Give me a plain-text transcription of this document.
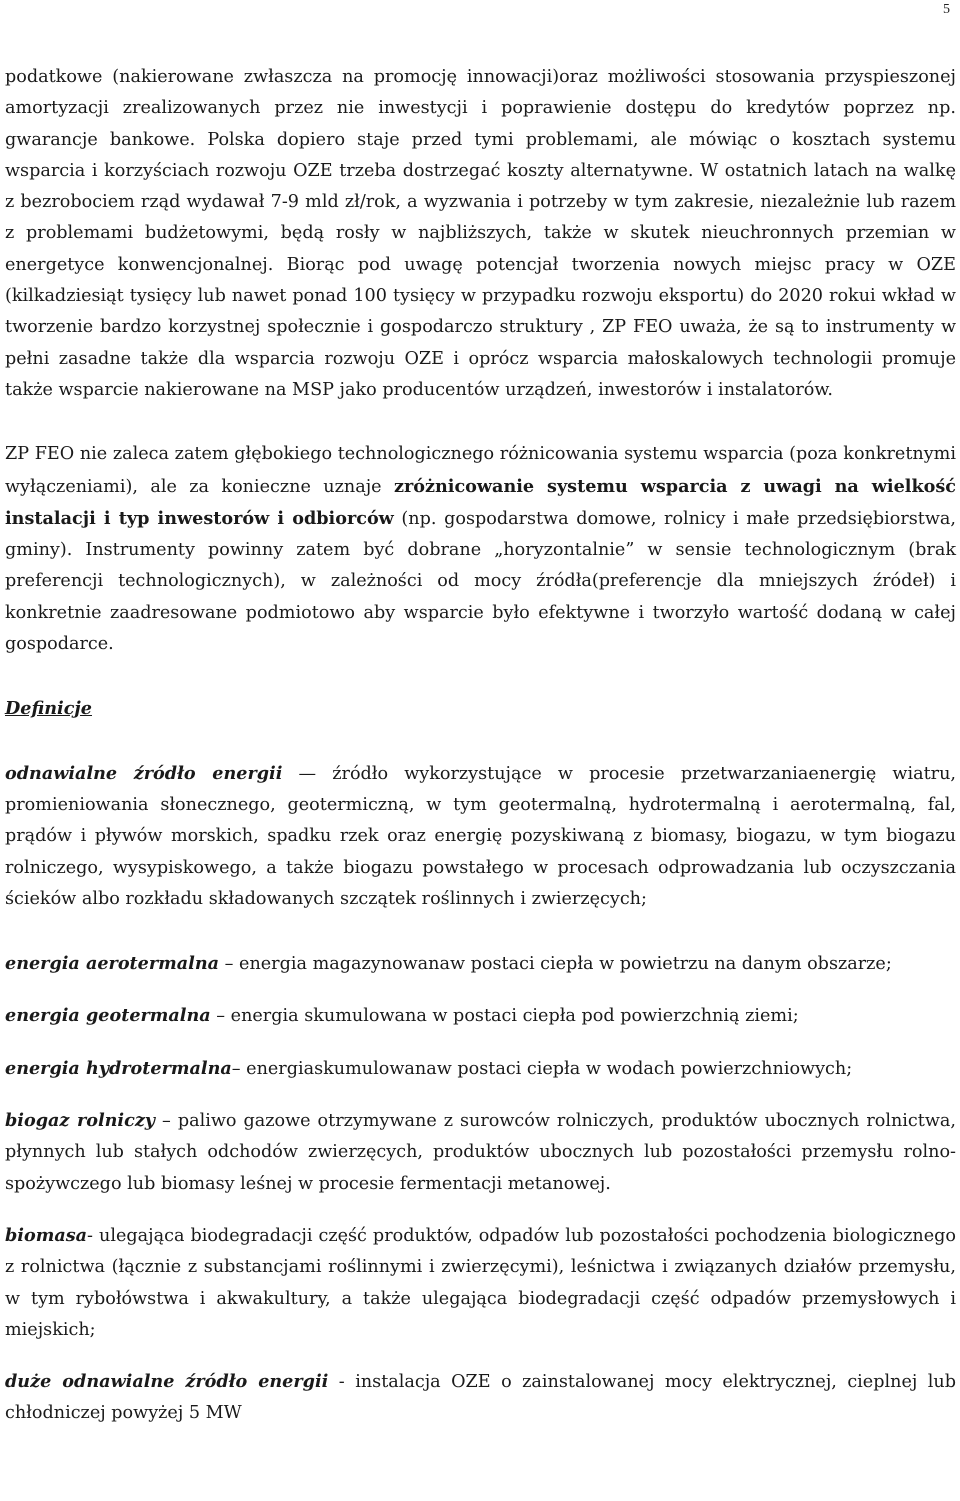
5

podatkowe (nakierowane zwłaszcza na promocję innowacji)oraz możliwości stosowania przyspieszonej amortyzacji zrealizowanych przez nie inwestycji i poprawienie dostępu do kredytów poprzez np. gwarancje bankowe. Polska dopiero staje przed tymi problemami, ale mówiąc o kosztach systemu wsparcia i korzyściach rozwoju OZE trzeba dostrzegać koszty alternatywne. W ostatnich latach na walkę z bezrobociem rząd wydawał 7-9 mld zł/rok, a wyzwania i potrzeby w tym zakresie, niezależnie lub razem z problemami budżetowymi, będą rosły w najbliższych, także w skutek nieuchronnych przemian w energetyce konwencjonalnej. Biorąc pod uwagę potencjał tworzenia nowych miejsc pracy w OZE (kilkadziesiąt tysięcy lub nawet ponad 100 tysięcy w przypadku rozwoju eksportu) do 2020 rokui wkład w tworzenie bardzo korzystnej społecznie i gospodarczo struktury , ZP FEO uważa, że są to instrumenty w pełni zasadne także dla wsparcia rozwoju OZE i oprócz wsparcia małoskalowych technologii promuje także wsparcie nakierowane na MSP jako producentów urządzeń, inwestorów i instalatorów.

ZP FEO nie zaleca zatem głębokiego technologicznego różnicowania systemu wsparcia (poza konkretnymi wyłączeniami), ale za konieczne uznaje zróżnicowanie systemu wsparcia z uwagi na wielkość instalacji i typ inwestorów i odbiorców (np. gospodarstwa domowe, rolnicy i małe przedsiębiorstwa, gminy). Instrumenty powinny zatem być dobrane „horyzontalnie” w sensie technologicznym (brak preferencji technologicznych), w zależności od mocy źródła(preferencje dla mniejszych źródeł) i konkretnie zaadresowane podmiotowo aby wsparcie było efektywne i tworzyło wartość dodaną w całej gospodarce.

Definicje

odnawialne źródło energii — źródło wykorzystujące w procesie przetwarzaniaenergię wiatru, promieniowania słonecznego, geotermiczną, w tym geotermalną, hydrotermalną i aerotermalną, fal, prądów i pływów morskich, spadku rzek oraz energię pozyskiwaną z biomasy, biogazu, w tym biogazu rolniczego, wysypiskowego, a także biogazu powstałego w procesach odprowadzania lub oczyszczania ścieków albo rozkładu składowanych szczątek roślinnych i zwierzęcych;

energia aerotermalna – energia magazynowanaw postaci ciepła w powietrzu na danym obszarze;

energia geotermalna – energia skumulowana w postaci ciepła pod powierzchnią ziemi;

energia hydrotermalna– energiaskumulowanaw postaci ciepła w wodach powierzchniowych;

biogaz rolniczy – paliwo gazowe otrzymywane z surowców rolniczych, produktów ubocznych rolnictwa, płynnych lub stałych odchodów zwierzęcych, produktów ubocznych lub pozostałości przemysłu rolno-spożywczego lub biomasy leśnej w procesie fermentacji metanowej.

biomasa- ulegająca biodegradacji część produktów, odpadów lub pozostałości pochodzenia biologicznego z rolnictwa (łącznie z substancjami roślinnymi i zwierzęcymi), leśnictwa i związanych działów przemysłu, w tym rybołówstwa i akwakultury, a także ulegająca biodegradacji część odpadów przemysłowych i miejskich;

duże odnawialne źródło energii - instalacja OZE o zainstalowanej mocy elektrycznej, cieplnej lub chłodniczej powyżej 5 MW
